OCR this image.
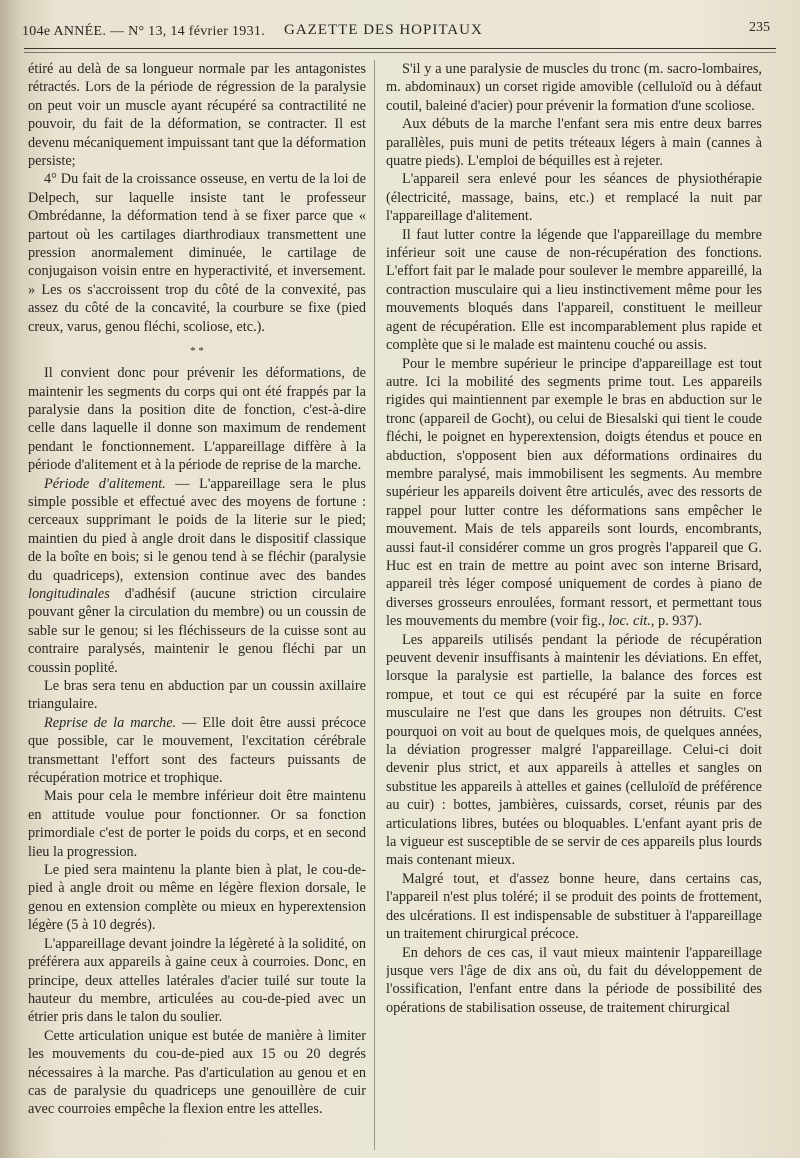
104e ANNÉE. — N° 13, 14 février 1931. GAZETTE DES HOPITAUX	235

étiré au delà de sa longueur normale par les antagonistes rétractés. Lors de la période de régression de la paralysie on peut voir un muscle ayant récupéré sa contractilité ne pouvoir, du fait de la déformation, se contracter. Il est devenu mécaniquement impuissant tant que la déformation persiste;

4° Du fait de la croissance osseuse, en vertu de la loi de Delpech, sur laquelle insiste tant le professeur Ombrédanne, la déformation tend à se fixer parce que « partout où les cartilages diarthrodiaux transmettent une pression anormalement diminuée, le cartilage de conjugaison voisin entre en hyperactivité, et inversement. » Les os s'accroissent trop du côté de la convexité, pas assez du côté de la concavité, la courbure se fixe (pied creux, varus, genou fléchi, scoliose, etc.).

* *

Il convient donc pour prévenir les déformations, de maintenir les segments du corps qui ont été frappés par la paralysie dans la position dite de fonction, c'est-à-dire celle dans laquelle il donne son maximum de rendement pendant le fonctionnement. L'appareillage diffère à la période d'alitement et à la période de reprise de la marche.

Période d'alitement. — L'appareillage sera le plus simple possible et effectué avec des moyens de fortune : cerceaux supprimant le poids de la literie sur le pied; maintien du pied à angle droit dans le dispositif classique de la boîte en bois; si le genou tend à se fléchir (paralysie du quadriceps), extension continue avec des bandes longitudinales d'adhésif (aucune striction circulaire pouvant gêner la circulation du membre) ou un coussin de sable sur le genou; si les fléchisseurs de la cuisse sont au contraire paralysés, maintenir le genou fléchi par un coussin poplité.

Le bras sera tenu en abduction par un coussin axillaire triangulaire.

Reprise de la marche. — Elle doit être aussi précoce que possible, car le mouvement, l'excitation cérébrale transmettant l'effort sont des facteurs puissants de récupération motrice et trophique.

Mais pour cela le membre inférieur doit être maintenu en attitude voulue pour fonctionner. Or sa fonction primordiale c'est de porter le poids du corps, et en second lieu la progression.

Le pied sera maintenu la plante bien à plat, le cou-de-pied à angle droit ou même en légère flexion dorsale, le genou en extension complète ou mieux en hyperextension légère (5 à 10 degrés).

L'appareillage devant joindre la légèreté à la solidité, on préférera aux appareils à gaine ceux à courroies. Donc, en principe, deux attelles latérales d'acier tuilé sur toute la hauteur du membre, articulées au cou-de-pied avec un étrier pris dans le talon du soulier.

Cette articulation unique est butée de manière à limiter les mouvements du cou-de-pied aux 15 ou 20 degrés nécessaires à la marche. Pas d'articulation au genou et en cas de paralysie du quadriceps une genouillère de cuir avec courroies empêche la flexion entre les attelles.

S'il y a une paralysie de muscles du tronc (m. sacro-lombaires, m. abdominaux) un corset rigide amovible (celluloïd ou à défaut coutil, baleiné d'acier) pour prévenir la formation d'une scoliose.

Aux débuts de la marche l'enfant sera mis entre deux barres parallèles, puis muni de petits tréteaux légers à main (cannes à quatre pieds). L'emploi de béquilles est à rejeter.

L'appareil sera enlevé pour les séances de physiothérapie (électricité, massage, bains, etc.) et remplacé la nuit par l'appareillage d'alitement.

Il faut lutter contre la légende que l'appareillage du membre inférieur soit une cause de non-récupération des fonctions. L'effort fait par le malade pour soulever le membre appareillé, la contraction musculaire qui a lieu instinctivement même pour les mouvements bloqués dans l'appareil, constituent le meilleur agent de récupération. Elle est incomparablement plus rapide et complète que si le malade est maintenu couché ou assis.

Pour le membre supérieur le principe d'appareillage est tout autre. Ici la mobilité des segments prime tout. Les appareils rigides qui maintiennent par exemple le bras en abduction sur le tronc (appareil de Gocht), ou celui de Biesalski qui tient le coude fléchi, le poignet en hyperextension, doigts étendus et pouce en abduction, s'opposent bien aux déformations ordinaires du membre paralysé, mais immobilisent les segments. Au membre supérieur les appareils doivent être articulés, avec des ressorts de rappel pour lutter contre les déformations sans empêcher le mouvement. Mais de tels appareils sont lourds, encombrants, aussi faut-il considérer comme un gros progrès l'appareil que G. Huc est en train de mettre au point avec son interne Brisard, appareil très léger composé uniquement de cordes à piano de diverses grosseurs enroulées, formant ressort, et permettant tous les mouvements du membre (voir fig., loc. cit., p. 937).

Les appareils utilisés pendant la période de récupération peuvent devenir insuffisants à maintenir les déviations. En effet, lorsque la paralysie est partielle, la balance des forces est rompue, et tout ce qui est récupéré par la suite en force musculaire ne l'est que dans les groupes non détruits. C'est pourquoi on voit au bout de quelques mois, de quelques années, la déviation progresser malgré l'appareillage. Celui-ci doit devenir plus strict, et aux appareils à attelles et sangles on substitue les appareils à attelles et gaines (celluloïd de préférence au cuir) : bottes, jambières, cuissards, corset, réunis par des articulations libres, butées ou bloquables. L'enfant ayant pris de la vigueur est susceptible de se servir de ces appareils plus lourds mais contenant mieux.

Malgré tout, et d'assez bonne heure, dans certains cas, l'appareil n'est plus toléré; il se produit des points de frottement, des ulcérations. Il est indispensable de substituer à l'appareillage un traitement chirurgical précoce.

En dehors de ces cas, il vaut mieux maintenir l'appareillage jusque vers l'âge de dix ans où, du fait du développement de l'ossification, l'enfant entre dans la période de possibilité des opérations de stabilisation osseuse, de traitement chirurgical
